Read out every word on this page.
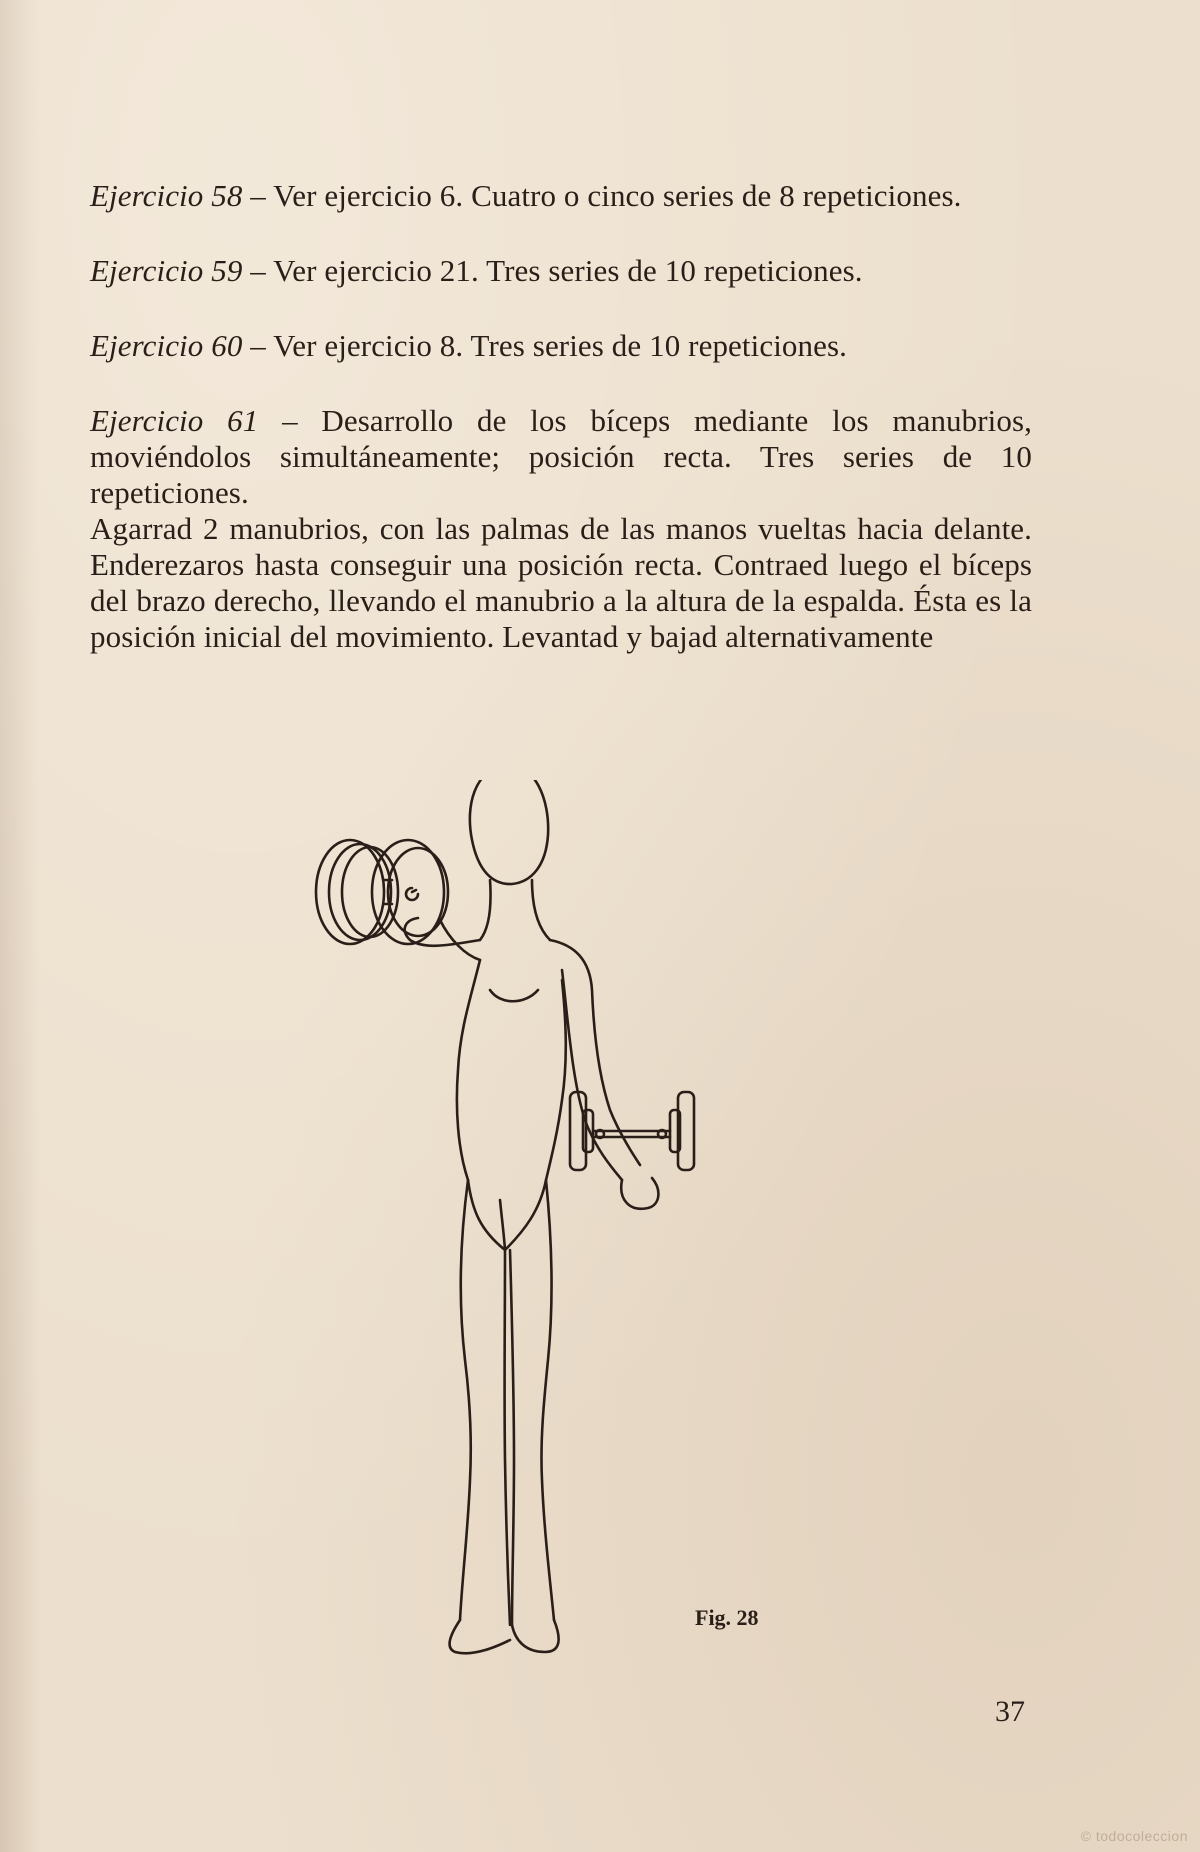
Ejercicio 58 – Ver ejercicio 6. Cuatro o cinco series de 8 repeticiones.

Ejercicio 59 – Ver ejercicio 21. Tres series de 10 repeticiones.

Ejercicio 60 – Ver ejercicio 8. Tres series de 10 repeticiones.

Ejercicio 61 – Desarrollo de los bíceps mediante los manubrios, moviéndolos simultáneamente; posición recta. Tres series de 10 repeticiones.

Agarrad 2 manubrios, con las palmas de las manos vueltas hacia delante. Enderezaros hasta conseguir una posición recta. Contraed luego el bíceps del brazo derecho, llevando el manubrio a la altura de la espalda. Ésta es la posición inicial del movimiento. Levantad y bajad alternativamente

Fig. 28
37
© todocoleccion
